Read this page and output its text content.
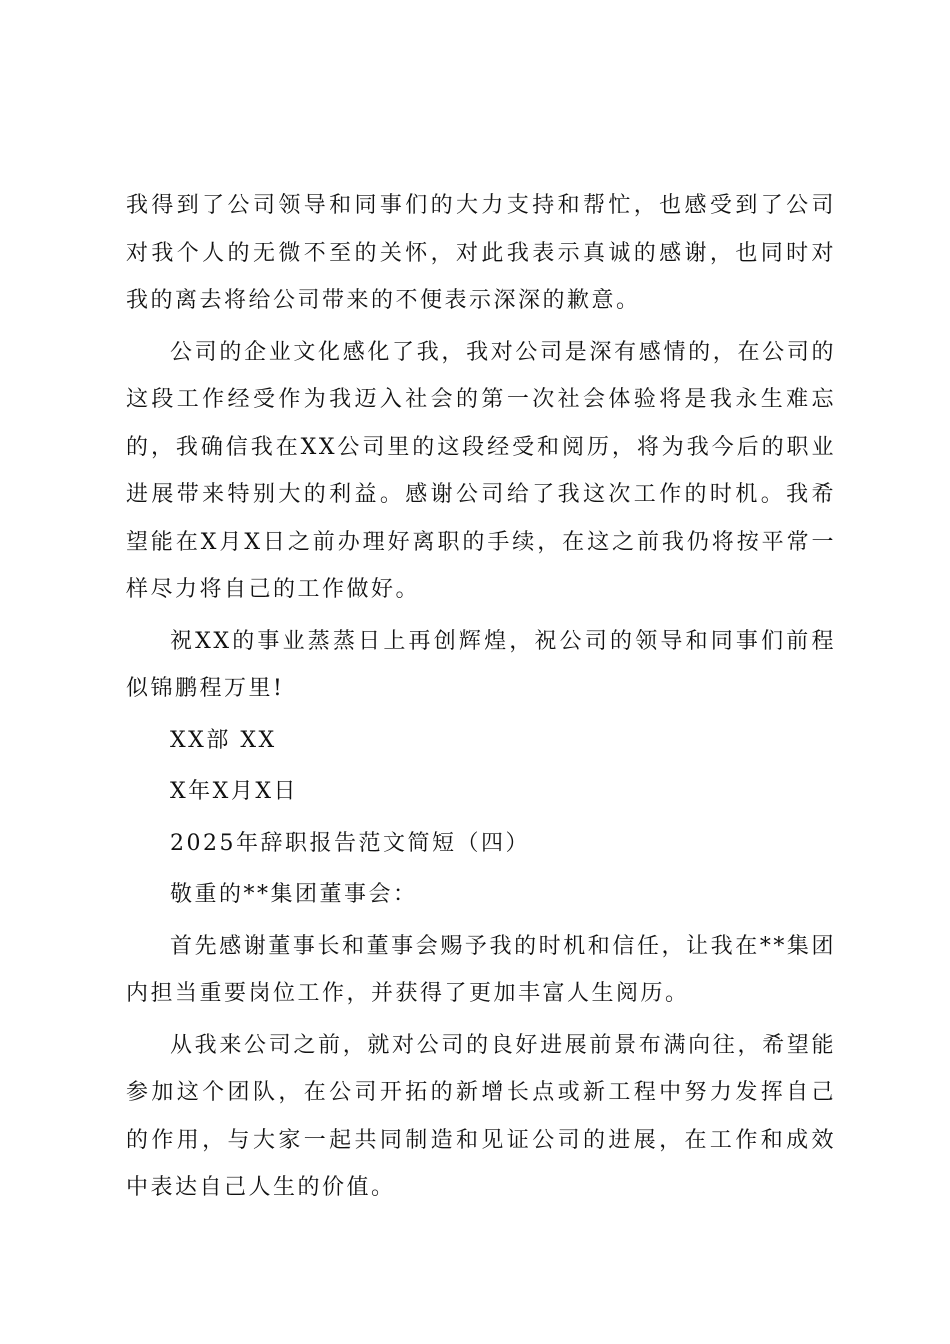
我得到了公司领导和同事们的大力支持和帮忙，也感受到了公司对我个人的无微不至的关怀，对此我表示真诚的感谢，也同时对我的离去将给公司带来的不便表示深深的歉意。

公司的企业文化感化了我，我对公司是深有感情的，在公司的这段工作经受作为我迈入社会的第一次社会体验将是我永生难忘的，我确信我在XX公司里的这段经受和阅历，将为我今后的职业进展带来特别大的利益。感谢公司给了我这次工作的时机。我希望能在X月X日之前办理好离职的手续，在这之前我仍将按平常一样尽力将自己的工作做好。

祝XX的事业蒸蒸日上再创辉煌，祝公司的领导和同事们前程似锦鹏程万里!

XX部 XX

X年X月X日

2025年辞职报告范文简短（四）

敬重的**集团董事会：

首先感谢董事长和董事会赐予我的时机和信任，让我在**集团内担当重要岗位工作，并获得了更加丰富人生阅历。

从我来公司之前，就对公司的良好进展前景布满向往，希望能参加这个团队，在公司开拓的新增长点或新工程中努力发挥自己的作用，与大家一起共同制造和见证公司的进展，在工作和成效中表达自己人生的价值。
